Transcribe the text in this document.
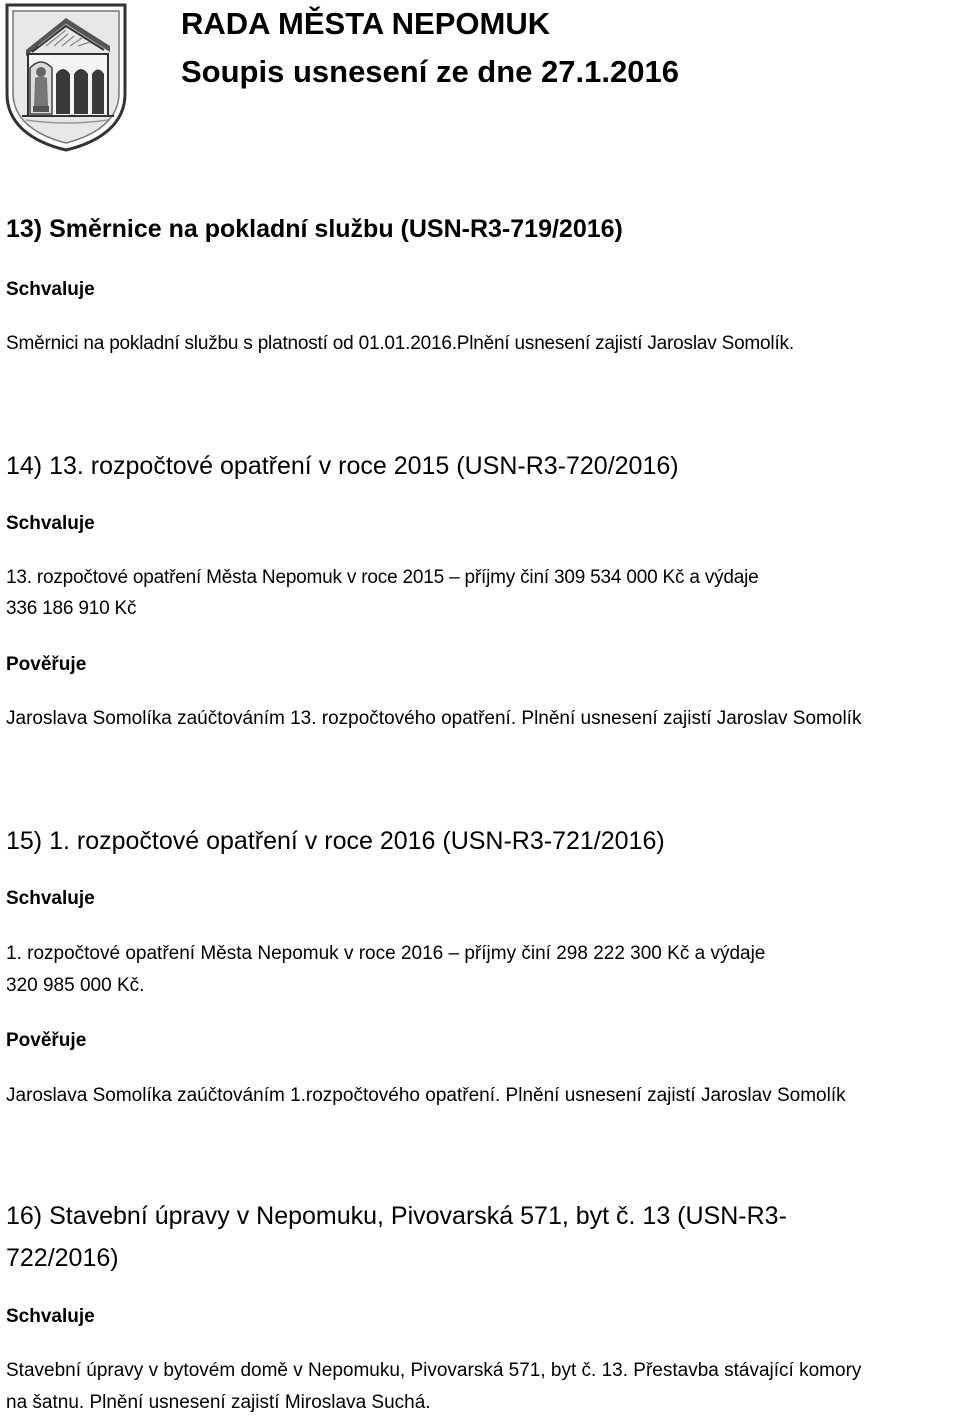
RADA MĚSTA NEPOMUK
Soupis usnesení ze dne 27.1.2016
13) Směrnice na pokladní službu (USN-R3-719/2016)
Schvaluje
Směrnici na pokladní službu s platností od 01.01.2016.Plnění usnesení zajistí Jaroslav Somolík.
14) 13. rozpočtové opatření v roce 2015 (USN-R3-720/2016)
Schvaluje
13. rozpočtové opatření Města Nepomuk v roce 2015 – příjmy činí 309 534 000 Kč a výdaje
336 186 910 Kč
Pověřuje
Jaroslava Somolíka zaúčtováním 13. rozpočtového opatření. Plnění usnesení zajistí Jaroslav Somolík
15) 1. rozpočtové opatření v roce 2016 (USN-R3-721/2016)
Schvaluje
1. rozpočtové opatření Města Nepomuk v roce 2016 – příjmy činí 298 222 300 Kč a výdaje
320 985 000 Kč.
Pověřuje
Jaroslava Somolíka zaúčtováním 1.rozpočtového opatření. Plnění usnesení zajistí Jaroslav Somolík
16) Stavební úpravy v Nepomuku, Pivovarská 571, byt č. 13 (USN-R3-
722/2016)
Schvaluje
Stavební úpravy v bytovém domě v Nepomuku, Pivovarská 571, byt č. 13. Přestavba stávající komory
na šatnu. Plnění usnesení zajistí Miroslava Suchá.
